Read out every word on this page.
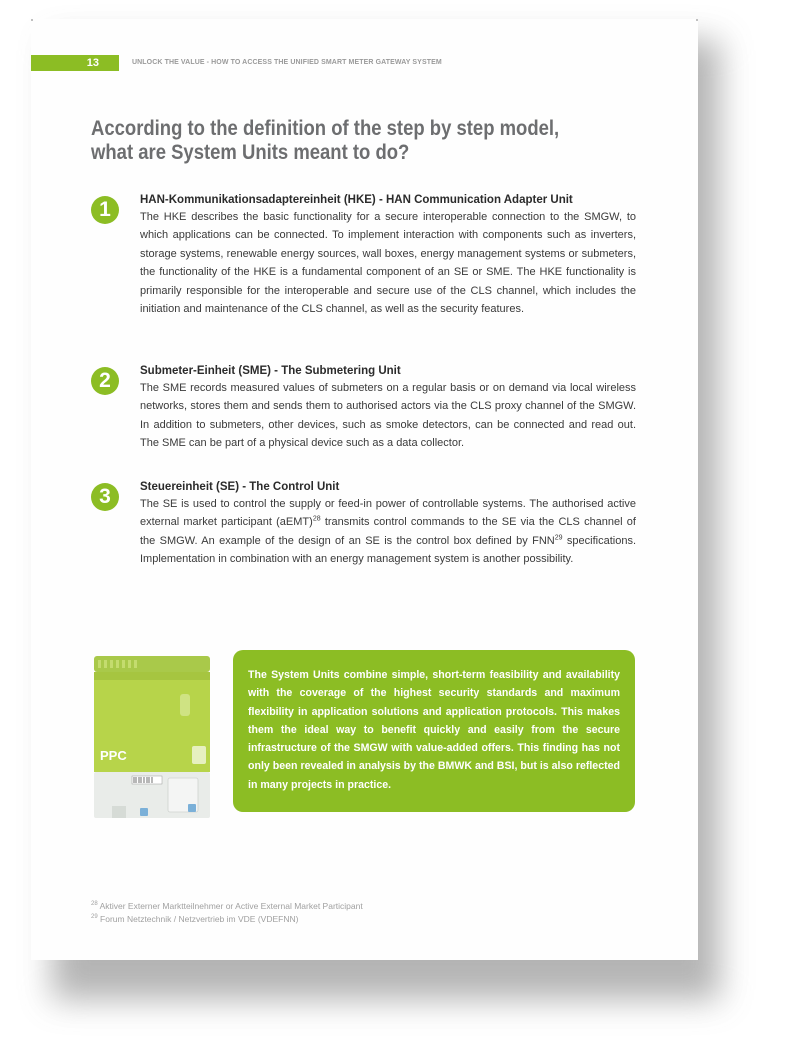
13	UNLOCK THE VALUE - HOW TO ACCESS THE UNIFIED SMART METER GATEWAY SYSTEM
According to the definition of the step by step model, what are System Units meant to do?
1	HAN-Kommunikationsadaptereinheit (HKE) - HAN Communication Adapter Unit
The HKE describes the basic functionality for a secure interoperable connection to the SMGW, to which applications can be connected. To implement interaction with components such as inverters, storage systems, renewable energy sources, wall boxes, energy management systems or submeters, the functionality of the HKE is a fundamental component of an SE or SME. The HKE functionality is primarily responsible for the interoperable and secure use of the CLS channel, which includes the initiation and maintenance of the CLS channel, as well as the security features.
2	Submeter-Einheit (SME) - The Submetering Unit
The SME records measured values of submeters on a regular basis or on demand via local wireless networks, stores them and sends them to authorised actors via the CLS proxy channel of the SMGW. In addition to submeters, other devices, such as smoke detectors, can be connected and read out. The SME can be part of a physical device such as a data collector.
3	Steuereinheit (SE) - The Control Unit
The SE is used to control the supply or feed-in power of controllable systems. The authorised active external market participant (aEMT)$^{28}$ transmits control commands to the SE via the CLS channel of the SMGW. An example of the design of an SE is the control box defined by FNN$^{29}$ specifications. Implementation in combination with an energy management system is another possibility.
PPC
The System Units combine simple, short-term feasibility and availability with the coverage of the highest security standards and maximum flexibility in application solutions and application protocols. This makes them the ideal way to benefit quickly and easily from the secure infrastructure of the SMGW with value-added offers. This finding has not only been revealed in analysis by the BMWK and BSI, but is also reflected in many projects in practice.
$^{28}$ Aktiver Externer Marktteilnehmer or Active External Market Participant
$^{29}$ Forum Netztechnik / Netzvertrieb im VDE (VDEFNN)
